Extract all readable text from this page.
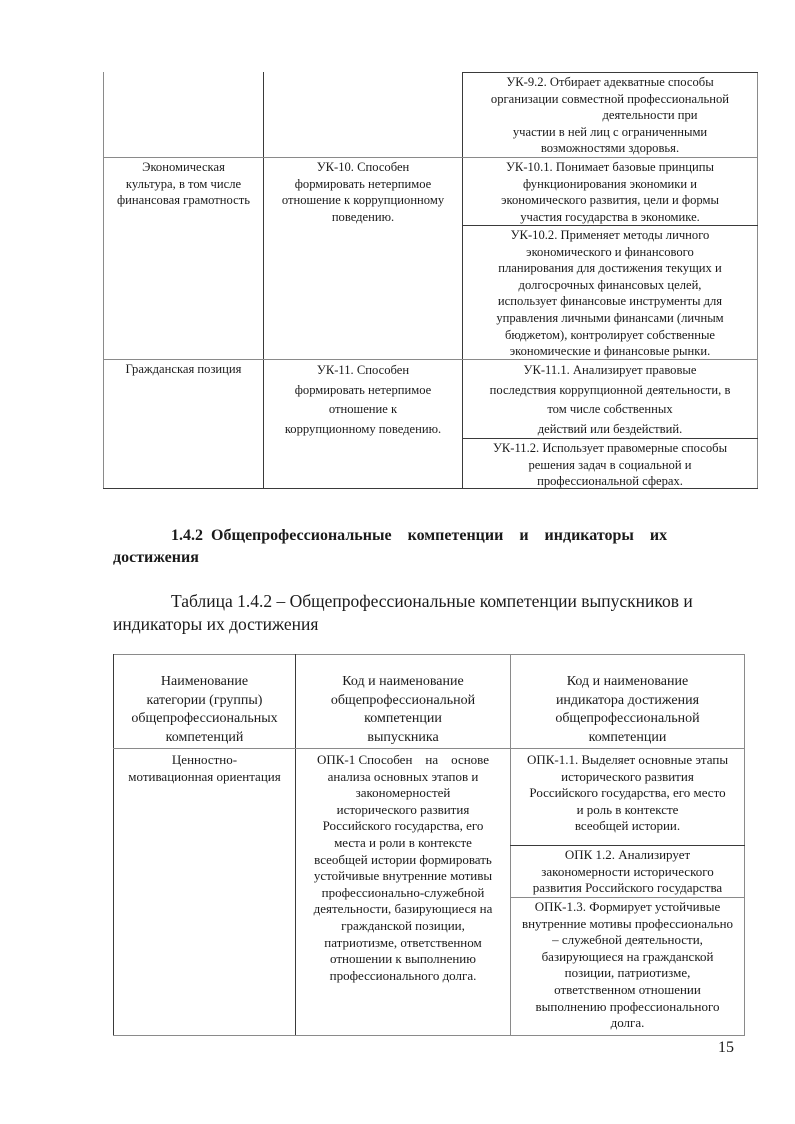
УК-9.2. Отбирает адекватные способы
организации совместной профессиональной
деятельности при
участии в ней лиц с ограниченными
возможностями здоровья.
Экономическая
культура, в том числе
финансовая грамотность
УК-10. Способен
формировать нетерпимое
отношение к коррупционному
поведению.
УК-10.1. Понимает базовые принципы
функционирования экономики и
экономического развития, цели и формы
участия государства в экономике.
УК-10.2. Применяет методы личного
экономического и финансового
планирования для достижения текущих и
долгосрочных финансовых целей,
использует финансовые инструменты для
управления личными финансами (личным
бюджетом), контролирует собственные
экономические и финансовые рынки.
Гражданская позиция	УК-11. Способен
формировать нетерпимое
отношение к
коррупционному поведению.
УК-11.1. Анализирует правовые
последствия коррупционной деятельности, в
том числе собственных
действий или бездействий.
УК-11.2. Использует правомерные способы
решения задач в социальной и
профессиональной сферах.
1.4.2  Общепрофессиональные    компетенции    и    индикаторы    их
достижения
Таблица 1.4.2 – Общепрофессиональные компетенции выпускников и
индикаторы их достижения
Наименование
категории (группы)
общепрофессиональных
компетенций
Код и наименование
общепрофессиональной
компетенции
выпускника
Код и наименование
индикатора достижения
общепрофессиональной
компетенции
Ценностно-
мотивационная ориентация
ОПК-1 Способен    на    основе
анализа основных этапов и
закономерностей
исторического развития
Российского государства, его
места и роли в контексте
всеобщей истории формировать
устойчивые внутренние мотивы
профессионально-служебной
деятельности, базирующиеся на
гражданской позиции,
патриотизме, ответственном
отношении к выполнению
профессионального долга.
ОПК-1.1. Выделяет основные этапы
исторического развития
Российского государства, его место
и роль в контексте
всеобщей истории.
ОПК 1.2. Анализирует
закономерности исторического
развития Российского государства
ОПК-1.3. Формирует устойчивые
внутренние мотивы профессионально
– служебной деятельности,
базирующиеся на гражданской
позиции, патриотизме,
ответственном отношении
выполнению профессионального
долга.
15
